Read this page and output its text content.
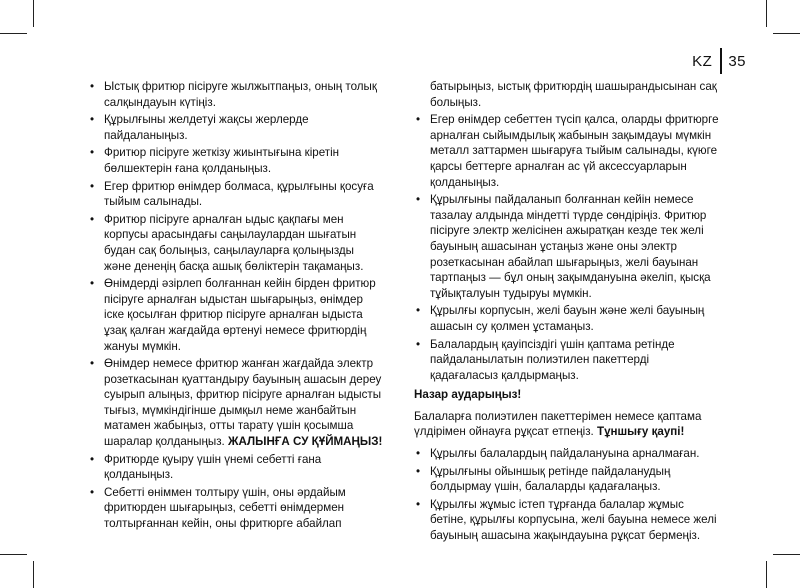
KZ	35
• Ыстық фритюр пісіруге жылжытпаңыз, оның толық салқындауын күтіңіз.
• Құрылғыны желдетуі жақсы жерлерде пайдаланыңыз.
• Фритюр пісіруге жеткізу жиынтығына кіретін бөлшектерін ғана қолданыңыз.
• Егер фритюр өнімдер болмаса, құрылғыны қосуға тыйым салынады.
• Фритюр пісіруге арналған ыдыс қақпағы мен корпусы арасындағы саңылаулардан шығатын будан сақ болыңыз, саңылауларға қолыңызды және денеңің басқа ашық бөліктерін тақамаңыз.
• Өнімдерді әзірлеп болғаннан кейін бірден фритюр пісіруге арналған ыдыстан шығарыңыз, өнімдер іске қосылған фритюр пісіруге арналған ыдыста ұзақ қалған жағдайда өртенуі немесе фритюрдің жануы мүмкін.
• Өнімдер немесе фритюр жанған жағдайда электр розеткасынан қуаттандыру бауының ашасын дереу суырып алыңыз, фритюр пісіруге арналған ыдысты тығыз, мүмкіндігінше дымқыл неме жанбайтын матамен жабыңыз, отты тарату үшін қосымша шаралар қолданыңыз. ЖАЛЫНҒА СУ ҚҰЙМАҢЫЗ!
• Фритюрде қуыру үшін үнемі себетті ғана қолданыңыз.
• Себетті өніммен толтыру үшін, оны әрдайым фритюрден шығарыңыз, себетті өнімдермен толтырғаннан кейін, оны фритюрге абайлап
батырыңыз, ыстық фритюрдің шашырандысынан сақ болыңыз.
• Егер өнімдер себеттен түсіп қалса, оларды фритюрге арналған сыйымдылық жабынын зақымдауы мүмкін металл заттармен шығаруға тыйым салынады, күюге қарсы беттерге арналған ас үй аксессуарларын қолданыңыз.
• Құрылғыны пайдаланып болғаннан кейін немесе тазалау алдында міндетті түрде сөндіріңіз. Фритюр пісіруге электр желісінен ажыратқан кезде тек желі бауының ашасынан ұстаңыз және оны электр розеткасынан абайлап шығарыңыз, желі бауынан тартпаңыз — бұл оның зақымдануына әкеліп, қысқа тұйықталуын тудыруы мүмкін.
• Құрылғы корпусын, желі бауын және желі бауының ашасын су қолмен ұстамаңыз.
• Балалардың қауіпсіздігі үшін қаптама ретінде пайдаланылатын полиэтилен пакеттерді қадағаласыз қалдырмаңыз.
Назар аударыңыз!
Балаларға полиэтилен пакеттерімен немесе қаптама үлдірімен ойнауға рұқсат етпеңіз. Тұншығу қаупі!
• Құрылғы балалардың пайдалануына арналмаған.
• Құрылғыны ойыншық ретінде пайдаланудың болдырмау үшін, балаларды қадағалаңыз.
• Құрылғы жұмыс істеп тұрғанда балалар жұмыс бетіне, құрылғы корпусына, желі бауына немесе желі бауының ашасына жақындауына рұқсат бермеңіз.
